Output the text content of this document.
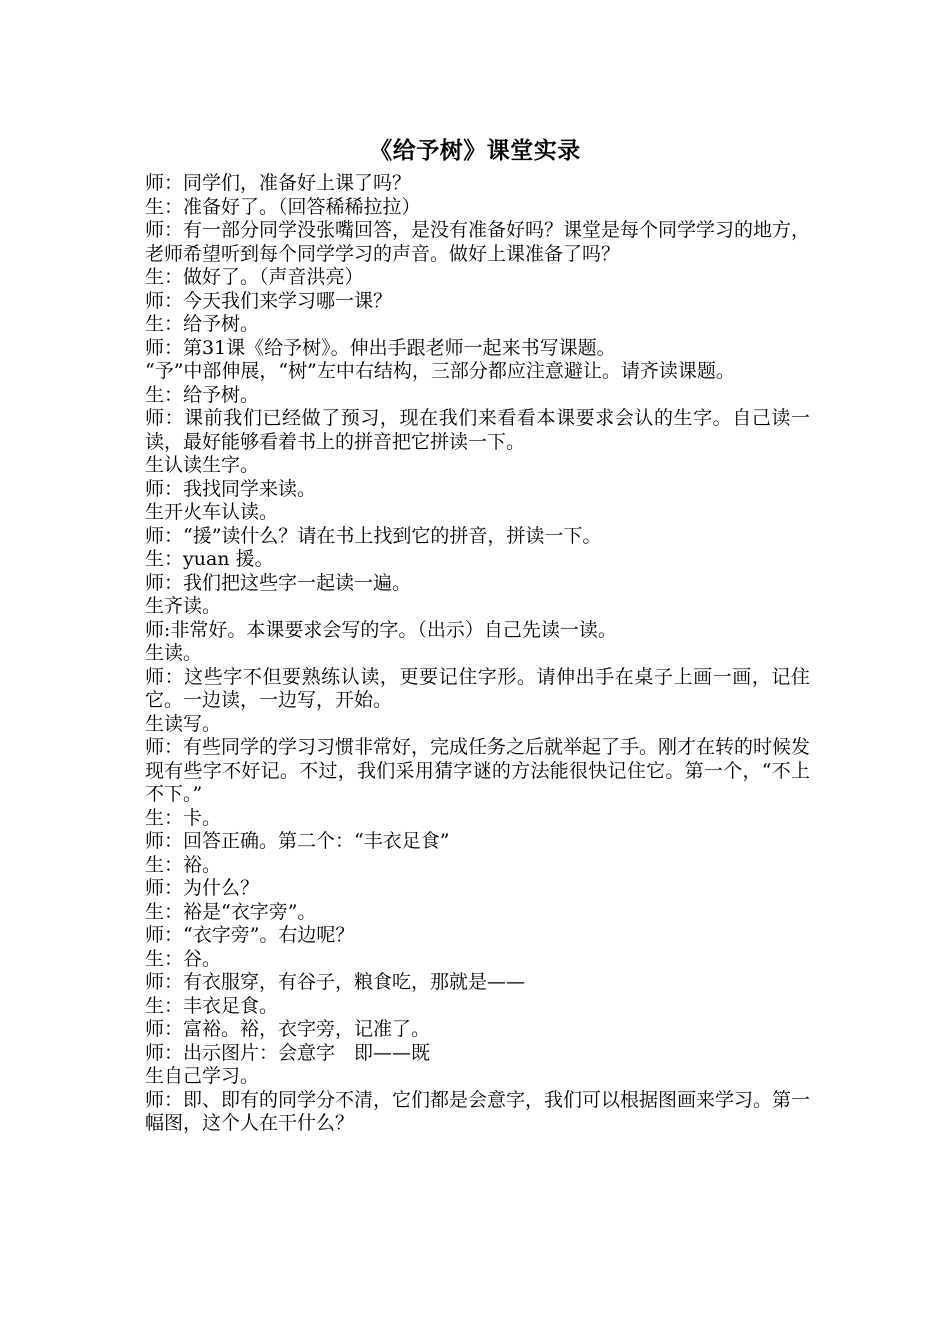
《给予树》课堂实录

师：同学们，准备好上课了吗？

生：准备好了。（回答稀稀拉拉）

师：有一部分同学没张嘴回答，是没有准备好吗？课堂是每个同学学习的地方，老师希望听到每个同学学习的声音。做好上课准备了吗？

生：做好了。（声音洪亮）

师：今天我们来学习哪一课？

生：给予树。

师：第31课《给予树》。伸出手跟老师一起来书写课题。

“予”中部伸展，“树”左中右结构，三部分都应注意避让。请齐读课题。

生：给予树。

师：课前我们已经做了预习，现在我们来看看本课要求会认的生字。自己读一读，最好能够看着书上的拼音把它拼读一下。

生认读生字。

师：我找同学来读。

生开火车认读。

师：“援”读什么？请在书上找到它的拼音，拼读一下。

生：yuan 援。

师：我们把这些字一起读一遍。

生齐读。

师:非常好。本课要求会写的字。（出示）自己先读一读。

生读。

师：这些字不但要熟练认读，更要记住字形。请伸出手在桌子上画一画，记住它。一边读，一边写，开始。

生读写。

师：有些同学的学习习惯非常好，完成任务之后就举起了手。刚才在转的时候发现有些字不好记。不过，我们采用猜字谜的方法能很快记住它。第一个，“不上不下。”

生：卡。

师：回答正确。第二个：“丰衣足食”

生：裕。

师：为什么？

生：裕是“衣字旁”。

师：“衣字旁”。右边呢？

生：谷。

师：有衣服穿，有谷子，粮食吃，那就是——

生：丰衣足食。

师：富裕。裕，衣字旁，记准了。

师：出示图片：会意字　即——既

生自己学习。

师：即、即有的同学分不清，它们都是会意字，我们可以根据图画来学习。第一幅图，这个人在干什么？
